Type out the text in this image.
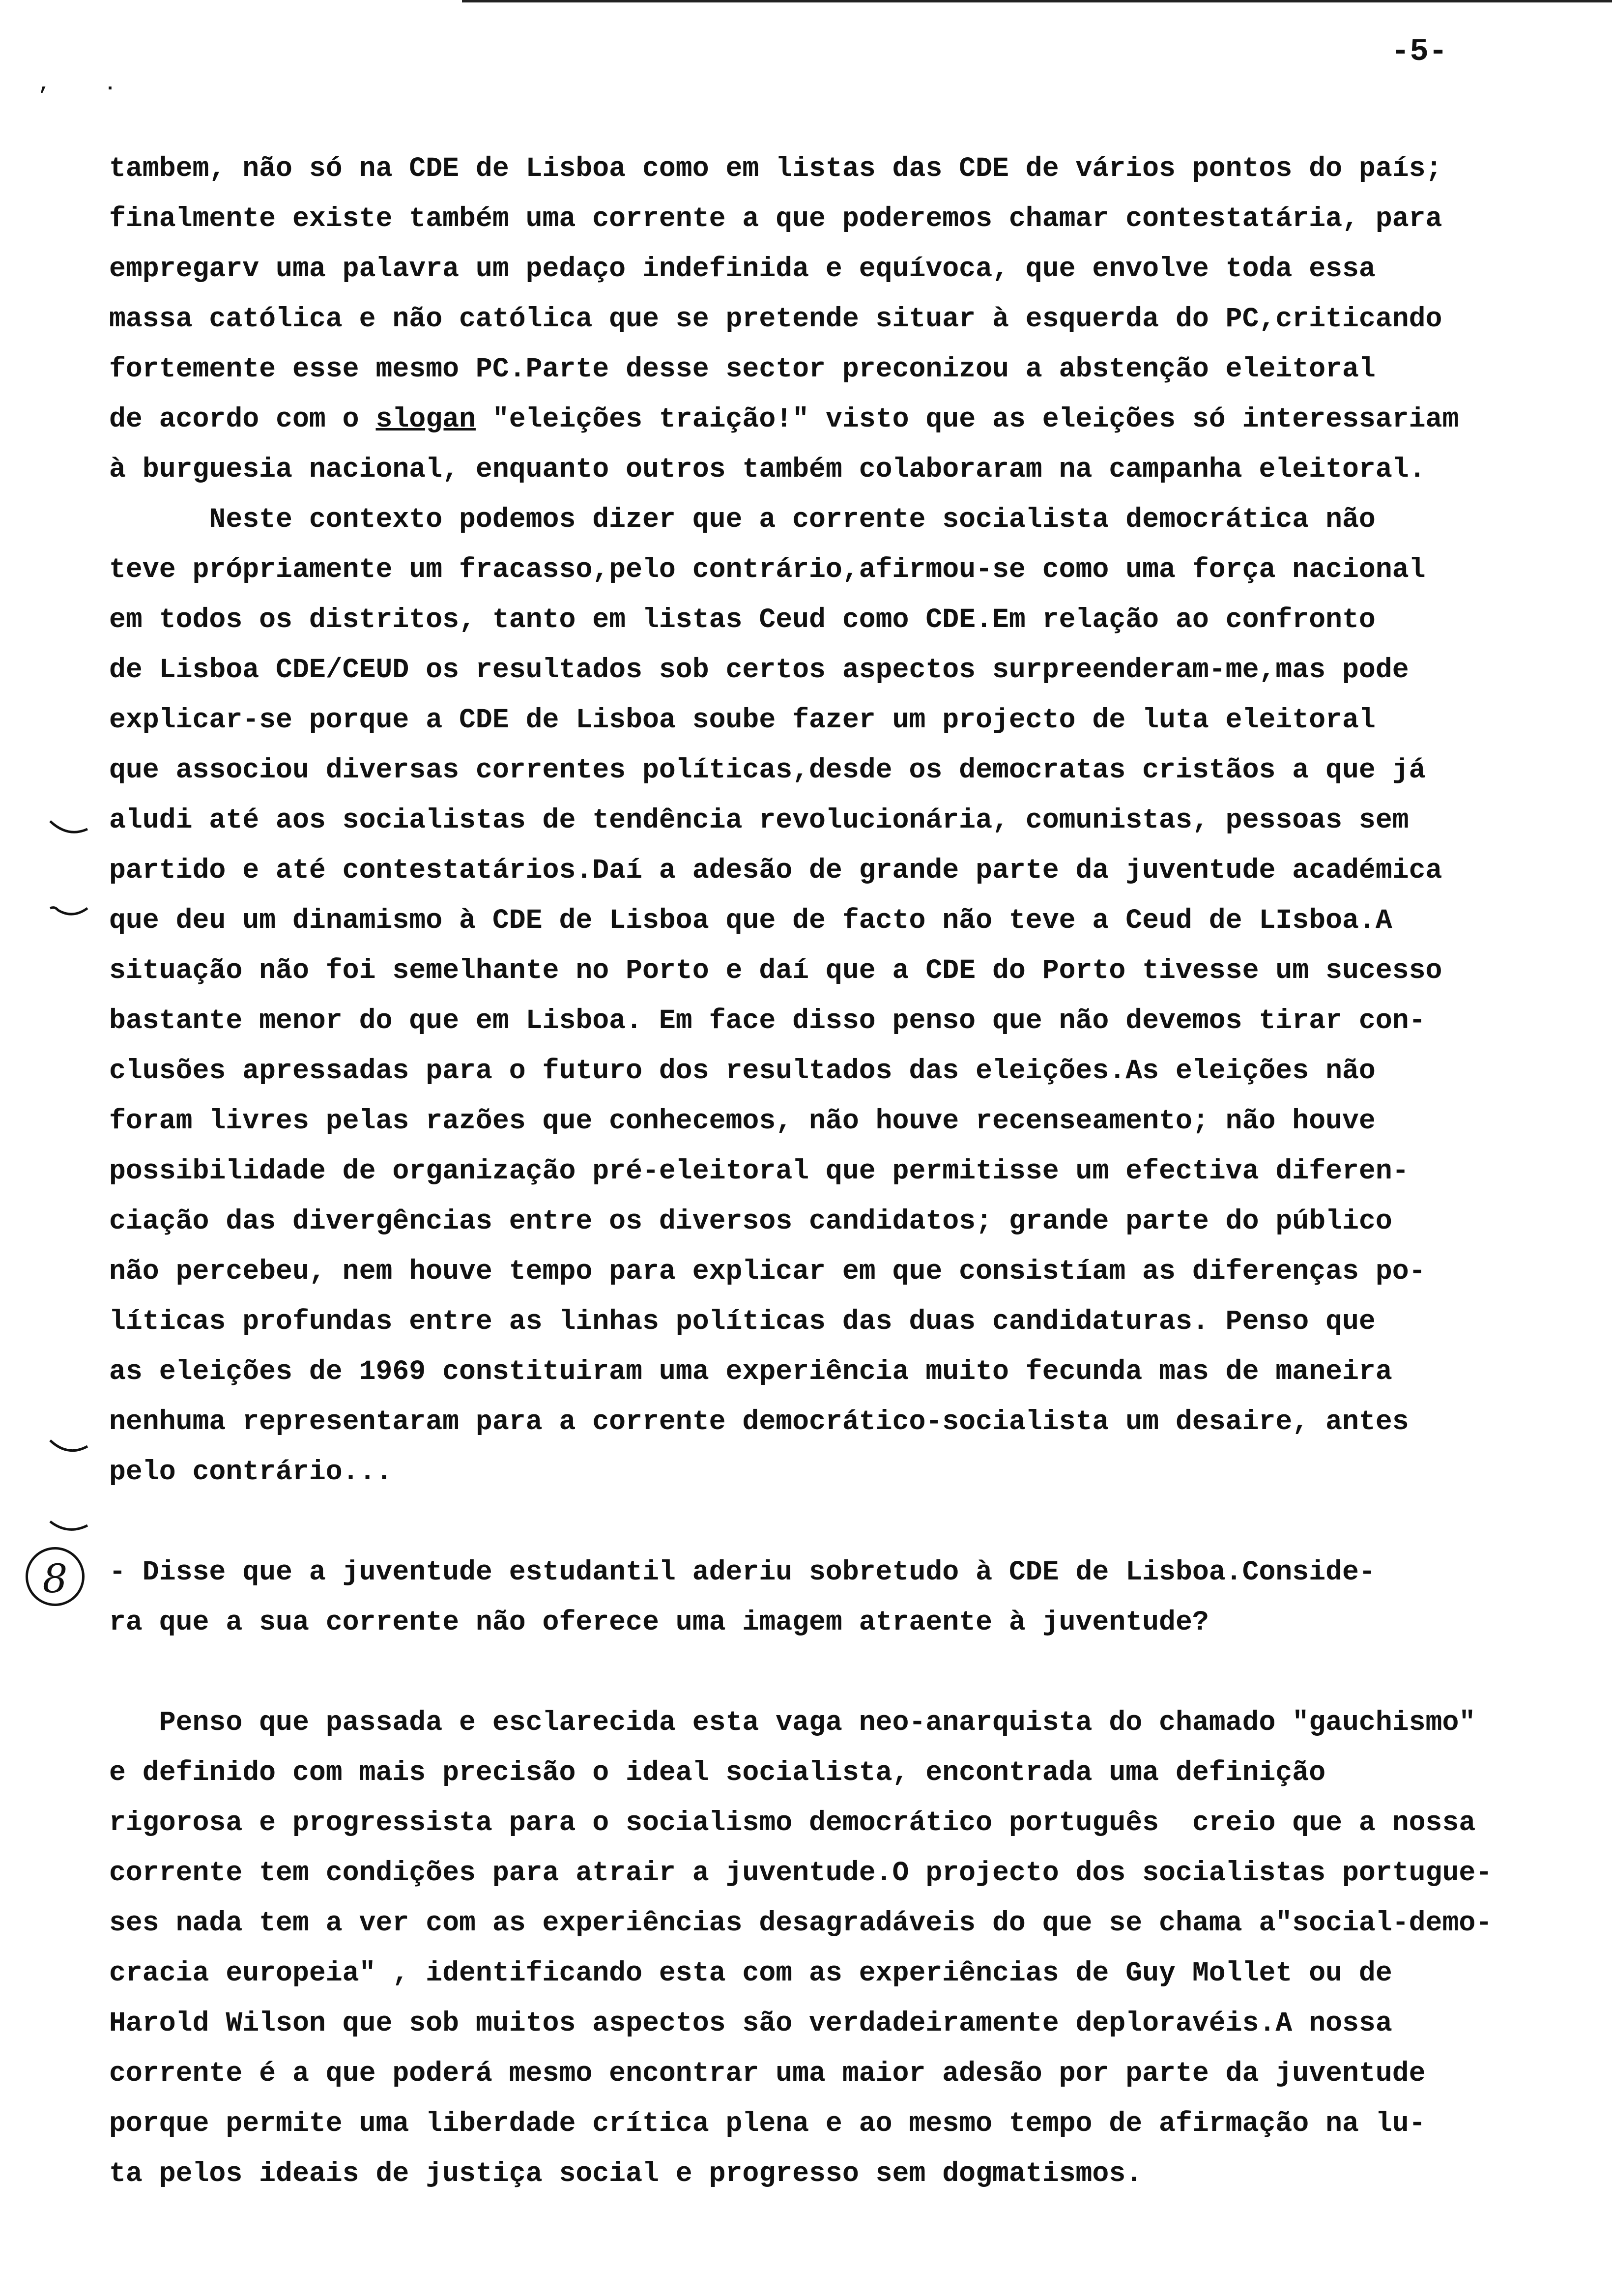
,	.
-5-
8
tambem, não só na CDE de Lisboa como em listas das CDE de vários pontos do país;
finalmente existe também uma corrente a que poderemos chamar contestatária, para
empregarv uma palavra um pedaço indefinida e equívoca, que envolve toda essa
massa católica e não católica que se pretende situar à esquerda do PC,criticando
fortemente esse mesmo PC.Parte desse sector preconizou a abstenção eleitoral
de acordo com o slogan "eleições traição!" visto que as eleições só interessariam
à burguesia nacional, enquanto outros também colaboraram na campanha eleitoral.
Neste contexto podemos dizer que a corrente socialista democrática não
teve própriamente um fracasso,pelo contrário,afirmou-se como uma força nacional
em todos os distritos, tanto em listas Ceud como CDE.Em relação ao confronto
de Lisboa CDE/CEUD os resultados sob certos aspectos surpreenderam-me,mas pode
explicar-se porque a CDE de Lisboa soube fazer um projecto de luta eleitoral
que associou diversas correntes políticas,desde os democratas cristãos a que já
aludi até aos socialistas de tendência revolucionária, comunistas, pessoas sem
partido e até contestatários.Daí a adesão de grande parte da juventude académica
que deu um dinamismo à CDE de Lisboa que de facto não teve a Ceud de LIsboa.A
situação não foi semelhante no Porto e daí que a CDE do Porto tivesse um sucesso
bastante menor do que em Lisboa. Em face disso penso que não devemos tirar con-
clusões apressadas para o futuro dos resultados das eleições.As eleições não
foram livres pelas razões que conhecemos, não houve recenseamento; não houve
possibilidade de organização pré-eleitoral que permitisse um efectiva diferen-
ciação das divergências entre os diversos candidatos; grande parte do público
não percebeu, nem houve tempo para explicar em que consistíam as diferenças po-
líticas profundas entre as linhas políticas das duas candidaturas. Penso que
as eleições de 1969 constituiram uma experiência muito fecunda mas de maneira
nenhuma representaram para a corrente democrático-socialista um desaire, antes
pelo contrário...
- Disse que a juventude estudantil aderiu sobretudo à CDE de Lisboa.Conside-
ra que a sua corrente não oferece uma imagem atraente à juventude?
Penso que passada e esclarecida esta vaga neo-anarquista do chamado "gauchismo"
e definido com mais precisão o ideal socialista, encontrada uma definição
rigorosa e progressista para o socialismo democrático português  creio que a nossa
corrente tem condições para atrair a juventude.O projecto dos socialistas portugue-
ses nada tem a ver com as experiências desagradáveis do que se chama a"social-demo-
cracia europeia" , identificando esta com as experiências de Guy Mollet ou de
Harold Wilson que sob muitos aspectos são verdadeiramente deploravéis.A nossa
corrente é a que poderá mesmo encontrar uma maior adesão por parte da juventude
porque permite uma liberdade crítica plena e ao mesmo tempo de afirmação na lu-
ta pelos ideais de justiça social e progresso sem dogmatismos.
